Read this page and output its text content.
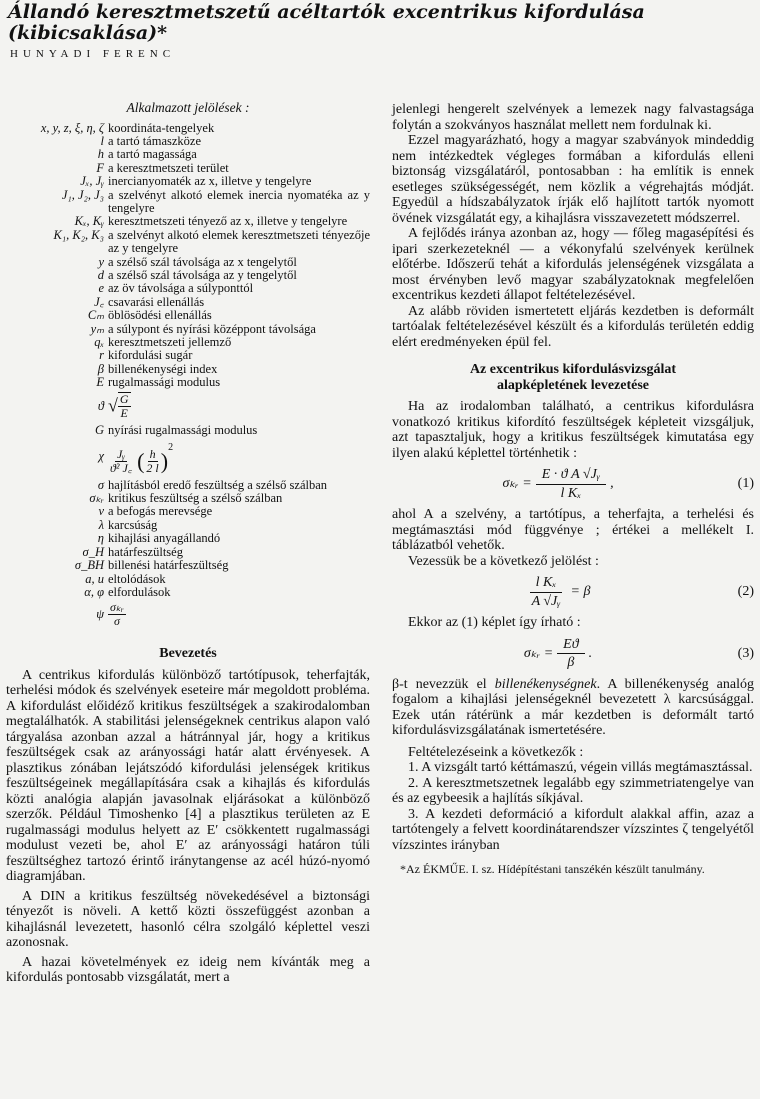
Állandó keresztmetszetű acéltartók excentrikus kifordulása (kibicsaklása)*
HUNYADI FERENC
Alkalmazott jelölések :
x, y, z, ξ, η, ζ koordináta-tengelyek
l a tartó támaszköze
h a tartó magassága
F a keresztmetszeti terület
Jₓ, Jᵧ inercianyomaték az x, illetve y tengelyre
J₁, J₂, J₃ a szelvényt alkotó elemek inercia nyomatéka az y tengelyre
Kₓ, Kᵧ keresztmetszeti tényező az x, illetve y tengelyre
K₁, K₂, K₃ a szelvényt alkotó elemek keresztmetszeti tényezője az y tengelyre
y a szélső szál távolsága az x tengelytől
d a szélső szál távolsága az y tengelytől
e az öv távolsága a súlyponttól
J꜀ csavarási ellenállás
Cₘ öblösödési ellenállás
yₘ a súlypont és nyírási középpont távolsága
qₓ keresztmetszeti jellemző
r kifordulási sugár
β billenékenységi index
E rugalmassági modulus
ϑ √ $\frac{G}{E}$
G nyírási rugalmassági modulus
χ $\frac{\text{Jᵧ}}{\text{ϑ² J꜀}}$ ( $\frac{h}{2 l} )^2$
σ hajlításból eredő feszültség a szélső szálban
σₖᵣ kritikus feszültség a szélső szálban
ν a befogás merevsége
λ karcsúság
η kihajlási anyagállandó
σ_H határfeszültség
σ_BH billenési határfeszültség
a, u eltolódások
α, φ elfordulások
ψ $\frac{\text{σₖᵣ}}{\sigma}$
Bevezetés

A centrikus kifordulás különböző tartótípusok, teherfajták, terhelési módok és szelvények eseteire már megoldott probléma. A kifordulást előidéző kritikus feszültségek a szakirodalomban megtalálhatók. A stabilitási jelenségeknek centrikus alapon való tárgyalása azonban azzal a hátránnyal jár, hogy a kritikus feszültségek csak az arányossági határ alatt érvényesek. A plasztikus zónában lejátszódó kifordulási jelenségek kritikus feszültségeinek megállapítására csak a kihajlás és kifordulás közti analógia alapján javasolnak eljárásokat a különböző szerzők. Például Timoshenko [4] a plasztikus területen az E rugalmassági modulus helyett az E′ csökkentett rugalmassági modulust vezeti be, ahol E′ az arányossági határon túli feszültséghez tartozó érintő iránytangense az acél húzó-nyomó diagramjában.

A DIN a kritikus feszültség növekedésével a biztonsági tényezőt is növeli. A kettő közti összefüggést azonban a kihajlásnál levezetett, hasonló célra szolgáló képlettel veszi azonosnak.

A hazai követelmények ez ideig nem kívánták meg a kifordulás pontosabb vizsgálatát, mert a

jelenlegi hengerelt szelvények a lemezek nagy falvastagsága folytán a szokványos használat mellett nem fordulnak ki.

Ezzel magyarázható, hogy a magyar szabványok mindeddig nem intézkedtek végleges formában a kifordulás elleni biztonság vizsgálatáról, pontosabban : ha említik is ennek esetleges szükségességét, nem közlik a végrehajtás módját. Egyedül a hídszabályzatok írják elő hajlított tartók nyomott övének vizsgálatát egy, a kihajlásra visszavezetett módszerrel.

A fejlődés iránya azonban az, hogy — főleg magasépítési és ipari szerkezeteknél — a vékonyfalú szelvények kerülnek előtérbe. Időszerű tehát a kifordulás jelenségének vizsgálata a most érvényben levő magyar szabályzatoknak megfelelően excentrikus kezdeti állapot feltételezésével.

Az alább röviden ismertetett eljárás kezdetben is deformált tartóalak feltételezésével készült és a kifordulás területén eddig elért eredményeken épül fel.

Az excentrikus kifordulásvizsgálat
alapképletének levezetése

Ha az irodalomban található, a centrikus kifordulásra vonatkozó kritikus kifordító feszültségek képleteit vizsgáljuk, azt tapasztaljuk, hogy a kritikus feszültségek kimutatása egy ilyen alakú képlettel történhetik :

σₖᵣ = $\frac{\text{E · ϑ A √Jᵧ}}{\text{l Kₓ}}$ ,	(1)

ahol A a szelvény, a tartótípus, a teherfajta, a terhelési és megtámasztási mód függvénye ; értékei a mellékelt I. táblázatból vehetők.

Vezessük be a következő jelölést :

$\frac{\text{l Kₓ}}{\text{A √Jᵧ}} = \beta$	(2)

Ekkor az (1) képlet így írható :

σₖᵣ = $\frac{Eϑ}{\beta}$ .	(3)

β-t nevezzük el billenékenységnek. A billenékenység analóg fogalom a kihajlási jelenségeknél bevezetett λ karcsúsággal. Ezek után rátérünk a már kezdetben is deformált tartó kifordulásvizsgálatának ismertetésére.

Feltételezéseink a következők :

1. A vizsgált tartó kéttámaszú, végein villás megtámasztással.

2. A keresztmetszetnek legalább egy szimmetriatengelye van és az egybeesik a hajlítás síkjával.

3. A kezdeti deformáció a kifordult alakkal affin, azaz a tartótengely a felvett koordinátarendszer vízszintes ζ tengelyétől vízszintes irányban

*Az ÉKMŰE. I. sz. Hídépítéstani tanszékén készült tanulmány.
